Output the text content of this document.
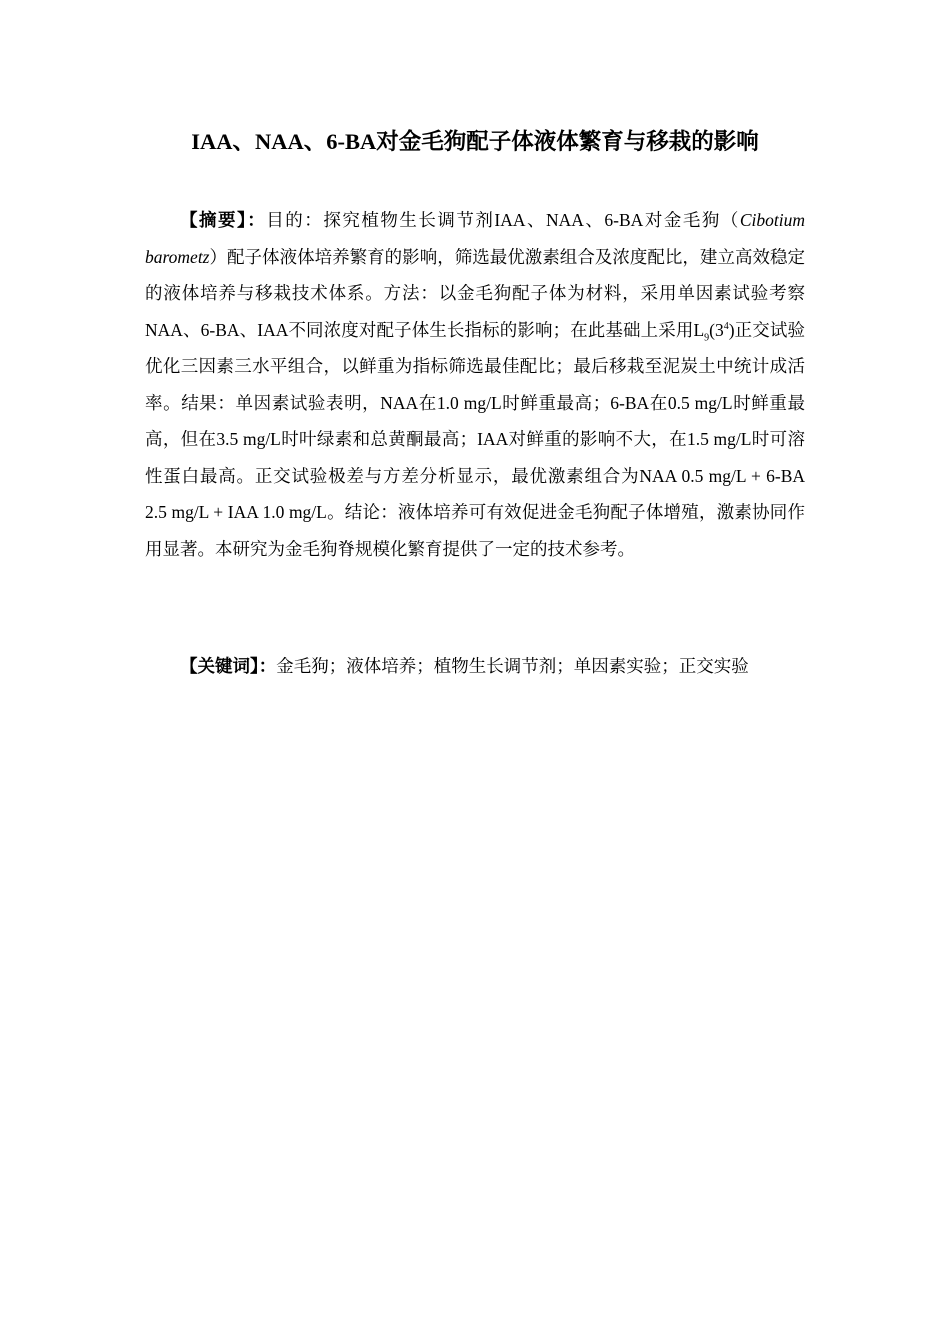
IAA、NAA、6-BA对金毛狗配子体液体繁育与移栽的影响

【摘要】：目的：探究植物生长调节剂IAA、NAA、6-BA对金毛狗（Cibotium barometz）配子体液体培养繁育的影响，筛选最优激素组合及浓度配比，建立高效稳定的液体培养与移栽技术体系。方法：以金毛狗配子体为材料，采用单因素试验考察NAA、6-BA、IAA不同浓度对配子体生长指标的影响；在此基础上采用$L_9(3^4)$正交试验优化三因素三水平组合，以鲜重为指标筛选最佳配比；最后移栽至泥炭土中统计成活率。结果：单因素试验表明，NAA在1.0 mg/L时鲜重最高；6-BA在0.5 mg/L时鲜重最高，但在3.5 mg/L时叶绿素和总黄酮最高；IAA对鲜重的影响不大，在1.5 mg/L时可溶性蛋白最高。正交试验极差与方差分析显示，最优激素组合为NAA 0.5 mg/L + 6-BA 2.5 mg/L + IAA 1.0 mg/L。结论：液体培养可有效促进金毛狗配子体增殖，激素协同作用显著。本研究为金毛狗脊规模化繁育提供了一定的技术参考。

【关键词】：金毛狗；液体培养；植物生长调节剂；单因素实验；正交实验
